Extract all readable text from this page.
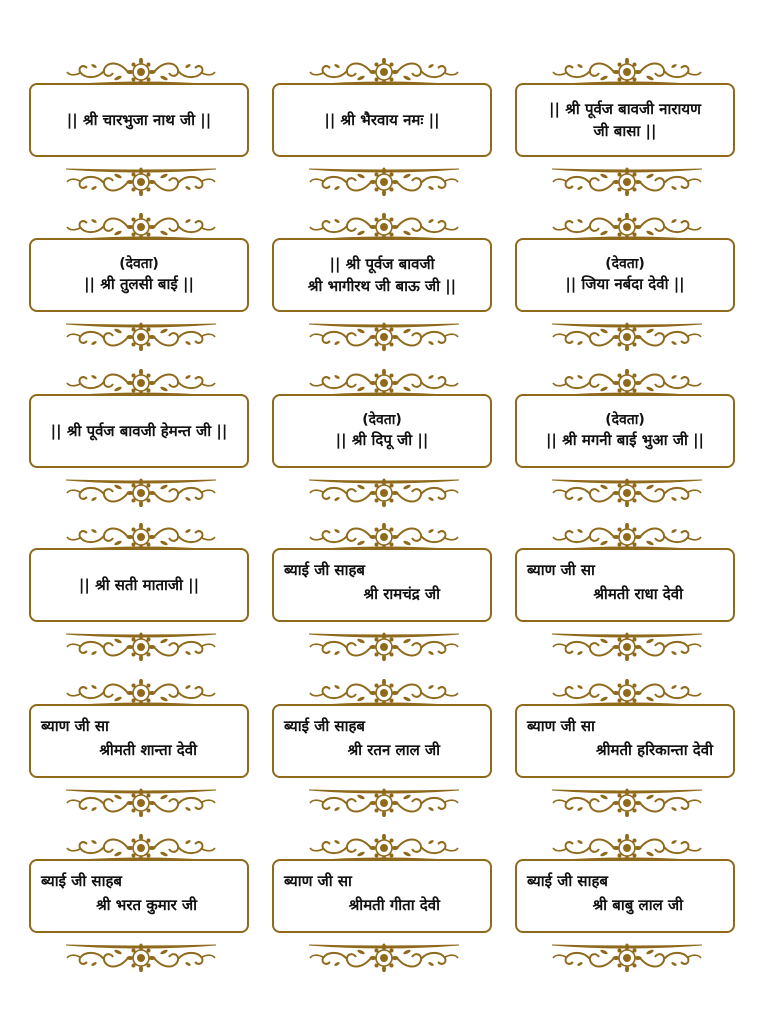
|| श्री चारभुजा नाथ जी ||	|| श्री भैरवाय नमः ||
|| श्री पूर्वज बावजी नारायण
जी बासा ||
(देवता)
|| श्री तुलसी बाई ||
|| श्री पूर्वज बावजी
श्री भागीरथ जी बाऊ जी ||
(देवता)
|| जिया नर्बदा देवी ||
|| श्री पूर्वज बावजी हेमन्त जी ||
(देवता)
|| श्री दिपू जी ||
(देवता)
|| श्री मगनी बाई भुआ जी ||
|| श्री सती माताजी ||
ब्याई जी साहब
श्री रामचंद्र जी
ब्याण जी सा
श्रीमती राधा देवी
ब्याण जी सा
श्रीमती शान्ता देवी
ब्याई जी साहब
श्री रतन लाल जी
ब्याण जी सा
श्रीमती हरिकान्ता देवी
ब्याई जी साहब
श्री भरत कुमार जी
ब्याण जी सा
श्रीमती गीता देवी
ब्याई जी साहब
श्री बाबु लाल जी
